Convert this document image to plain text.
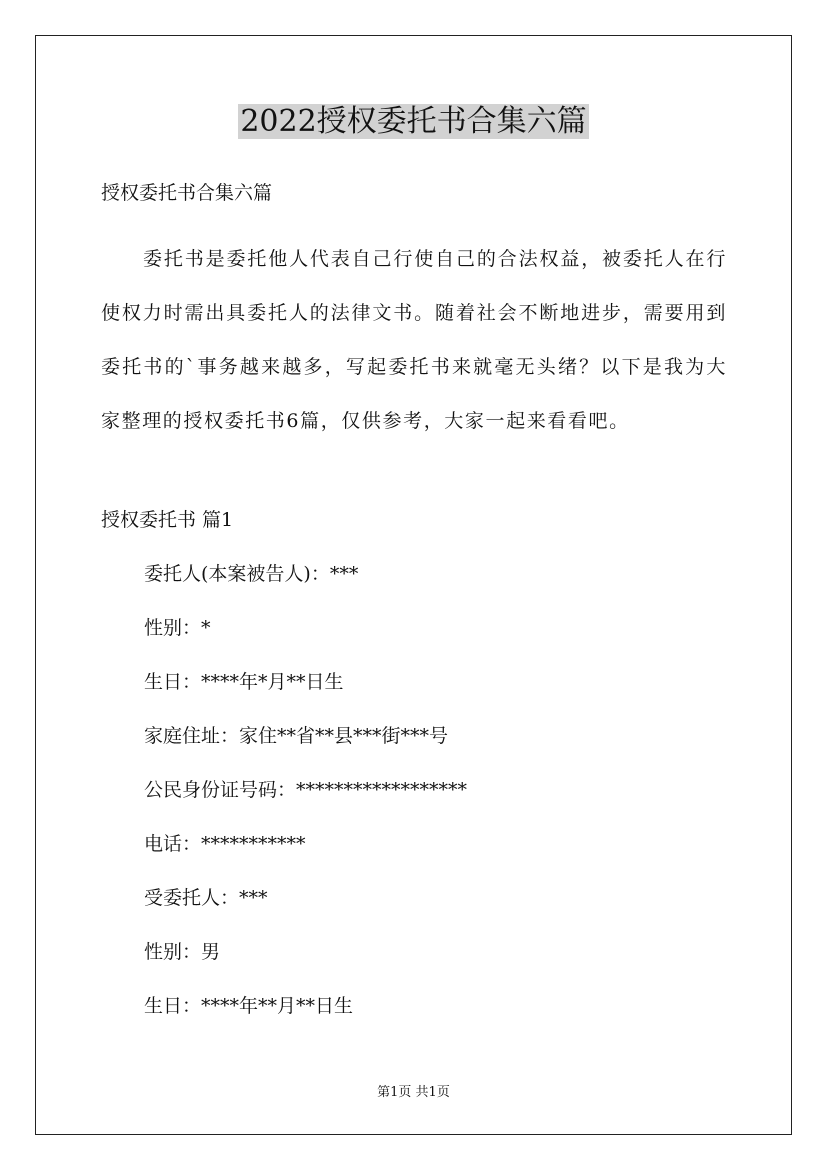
2022授权委托书合集六篇
授权委托书合集六篇

委托书是委托他人代表自己行使自己的合法权益，被委托人在行使权力时需出具委托人的法律文书。随着社会不断地进步，需要用到委托书的`事务越来越多，写起委托书来就毫无头绪？以下是我为大家整理的授权委托书6篇，仅供参考，大家一起来看看吧。

授权委托书 篇1
委托人(本案被告人)：***
性别：*
生日：****年*月**日生
家庭住址：家住**省**县***街***号
公民身份证号码：******************
电话：***********
受委托人：***
性别：男
生日：****年**月**日生
第1页 共1页
